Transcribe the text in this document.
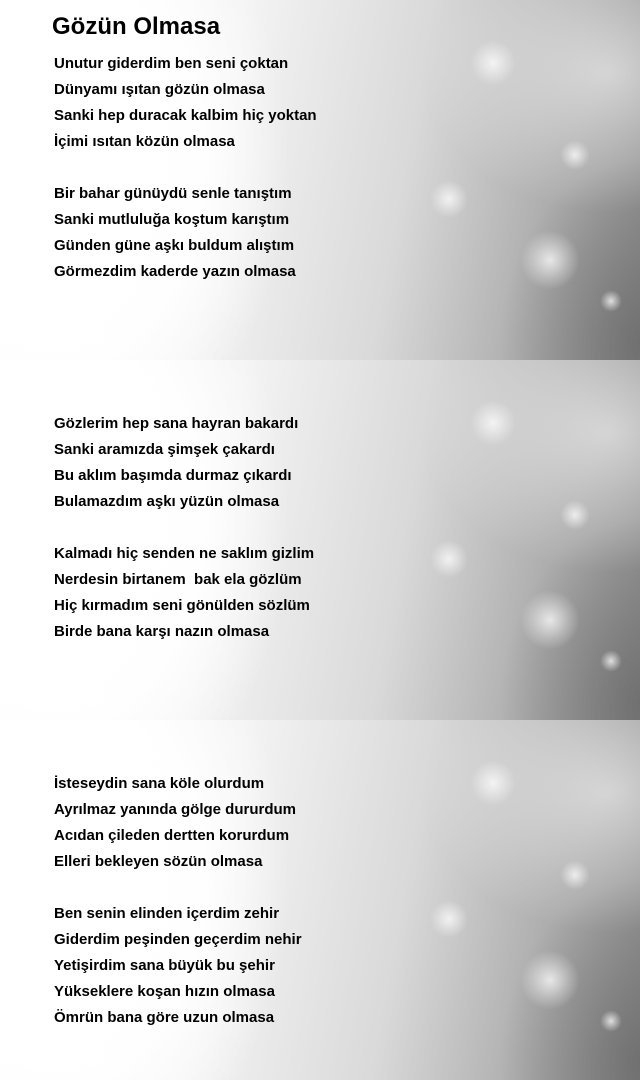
Gözün Olmasa
Unutur giderdim ben seni çoktan
Dünyamı ışıtan gözün olmasa
Sanki hep duracak kalbim hiç yoktan
İçimi ısıtan közün olmasa
Bir bahar günüydü senle tanıştım
Sanki mutluluğa koştum karıştım
Günden güne aşkı buldum alıştım
Görmezdim kaderde yazın olmasa
Gözlerim hep sana hayran bakardı
Sanki aramızda şimşek çakardı
Bu aklım başımda durmaz çıkardı
Bulamazdım aşkı yüzün olmasa
Kalmadı hiç senden ne saklım gizlim
Nerdesin birtanem  bak ela gözlüm
Hiç kırmadım seni gönülden sözlüm
Birde bana karşı nazın olmasa
İsteseydin sana köle olurdum
Ayrılmaz yanında gölge dururdum
Acıdan çileden dertten korurdum
Elleri bekleyen sözün olmasa
Ben senin elinden içerdim zehir
Giderdim peşinden geçerdim nehir
Yetişirdim sana büyük bu şehir
Yükseklere koşan hızın olmasa
Ömrün bana göre uzun olmasa
